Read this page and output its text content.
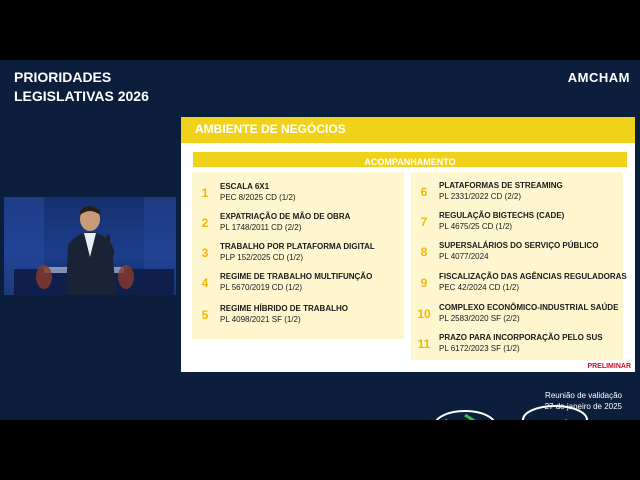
PRIORIDADES
LEGISLATIVAS 2026
AMCHAM
AMBIENTE DE NEGÓCIOS
ACOMPANHAMENTO
1	ESCALA 6X1
PEC 8/2025 CD (1/2)
2	EXPATRIAÇÃO DE MÃO DE OBRA
PL 1748/2011 CD (2/2)
3	TRABALHO POR PLATAFORMA DIGITAL
PLP 152/2025 CD (1/2)
4	REGIME DE TRABALHO MULTIFUNÇÃO
PL 5670/2019 CD (1/2)
5	REGIME HÍBRIDO DE TRABALHO
PL 4098/2021 SF (1/2)
6	PLATAFORMAS DE STREAMING
PL 2331/2022 CD (2/2)
7	REGULAÇÃO BIGTECHS (CADE)
PL 4675/25 CD (1/2)
8	SUPERSALÁRIOS DO SERVIÇO PÚBLICO
PL 4077/2024
9	FISCALIZAÇÃO DAS AGÊNCIAS REGULADORAS
PEC 42/2024 CD (1/2)
10 COMPLEXO ECONÔMICO-INDUSTRIAL SAÚDE
PL 2583/2020 SF (2/2)
11	PRAZO PARA INCORPORAÇÃO PELO SUS
PL 6172/2023 SF (1/2)
PRELIMINAR
Reunião de validação
27 de janeiro de 2025
